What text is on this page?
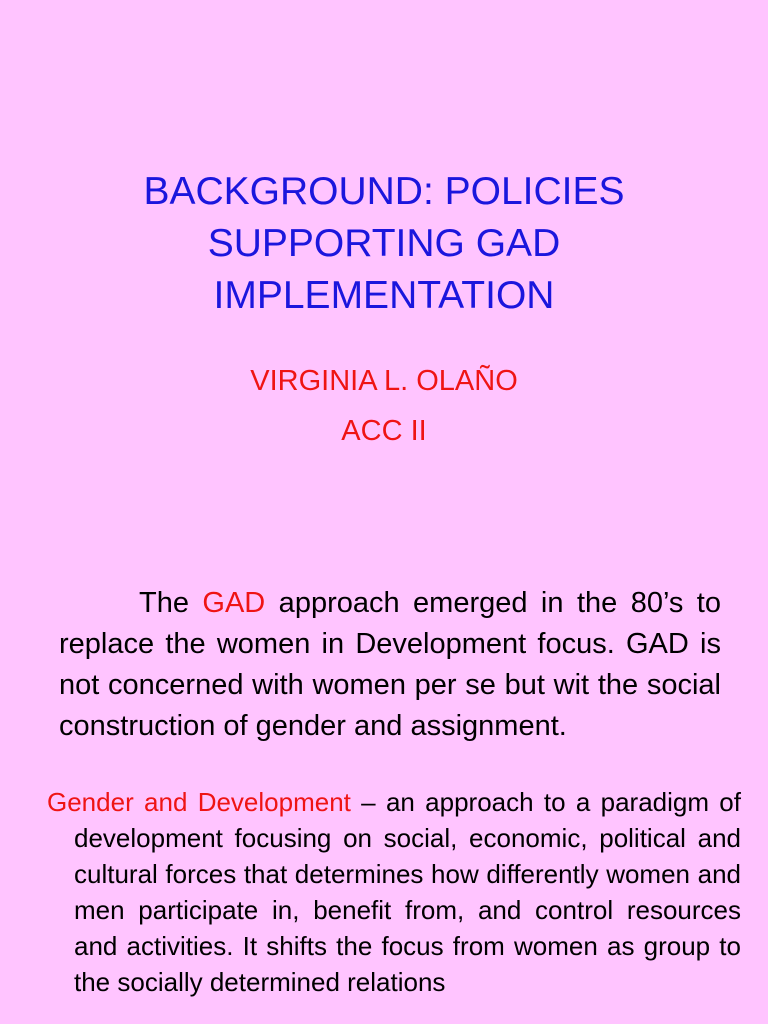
BACKGROUND: POLICIES
SUPPORTING GAD
IMPLEMENTATION
VIRGINIA L. OLAÑO
ACC II

The GAD approach emerged in the 80’s to replace the women in Development focus. GAD is not concerned with women per se but wit the social construction of gender and assignment.

Gender and Development – an approach to a paradigm of development focusing on social, economic, political and cultural forces that determines how differently women and men participate in, benefit from, and control resources and activities. It shifts the focus from women as group to the socially determined relations
